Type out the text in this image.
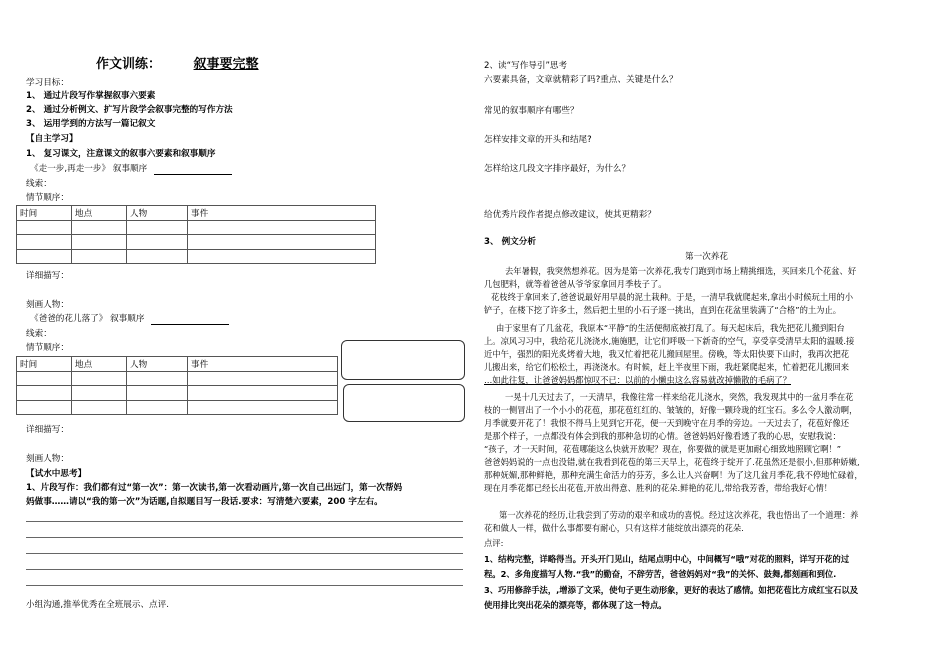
作文训练：	叙事要完整
学习目标：
1、 通过片段写作掌握叙事六要素
2、 通过分析例文、扩写片段学会叙事完整的写作方法
3、 运用学到的方法写一篇记叙文
【自主学习】
1、 复习课文，注意课文的叙事六要素和叙事顺序
《走一步,再走一步》 叙事顺序
线索：
情节顺序：
时间	地点	人物	事件

详细描写：
刻画人物：
《爸爸的花儿落了》 叙事顺序
线索：
情节顺序：
时间	地点	人物	事件

详细描写：
刻画人物：
【试水中思考】
1、片段写作：我们都有过“第一次”：第一次读书,第一次看动画片,第一次自己出远门，第一次帮妈
妈做事……请以“我的第一次”为话题,自拟题目写一段话.要求：写清楚六要素，200 字左右。
小组沟通,推举优秀在全班展示、点评.
2、读“写作导引”思考
六要素具备，文章就精彩了吗?重点、关键是什么？
常见的叙事顺序有哪些？
怎样安排文章的开头和结尾?
怎样给这几段文字排序最好，为什么？
给优秀片段作者提点修改建议，使其更精彩？
3、 例文分析
第一次养花
去年暑假，我突然想养花。因为是第一次养花,我专门跑到市场上精挑细选，买回来几个花盆、好
几包肥料，就等着爸爸从爷爷家拿回月季枝子了。
花枝终于拿回来了,爸爸说最好用早晨的泥土栽种。于是，一清早我就爬起来,拿出小时候玩土用的小
铲子，在楼下挖了许多土，然后把土里的小石子逐一挑出，直到在花盆里装满了“合格”的土为止。
由于家里有了几盆花，我原本“平静”的生活便彻底被打乱了。每天起床后，我先把花儿搬到阳台
上。凉风习习中，我给花儿浇浇水,施施肥，让它们呼吸一下新奇的空气，享受享受清早太阳的温暖.接
近中午，强烈的阳光炙烤着大地，我又忙着把花儿搬回屋里。傍晚，等太阳快要下山时，我再次把花
儿搬出来，给它们松松土，再浇浇水。有时候，赶上半夜里下雨，我赶紧爬起来，忙着把花儿搬回来
…如此往复，让爸爸妈妈都惊叹不已：以前的小懒虫这么容易就改掉懒散的毛病了？
一晃十几天过去了，一天清早，我像往常一样来给花儿浇水，突然，我发现其中的一盆月季在花
枝的一侧冒出了一个小小的花苞，那花苞红红的、皱皱的，好像一颗玲珑的红宝石。多么令人激动啊，
月季就要开花了！我恨不得马上见到它开花，便一天到晚守在月季的旁边。一天过去了，花苞好像还
是那个样子，一点都没有体会到我的那种急切的心情。爸爸妈妈好像看透了我的心思，安慰我说：
“孩子，才一天时间，花苞哪能这么快就开放呢？现在，你要做的就是更加耐心细致地照顾它啊！”
爸爸妈妈说的一点也没错,就在我看到花苞的第三天早上，花苞终于绽开了.花虽然还是很小,但那种娇嫩,
那种妩媚,那种鲜艳，那种充满生命活力的芬芳，多么让人兴奋啊！为了这几盆月季花,我不停地忙碌着，
现在月季花都已经长出花苞,开放出得意、胜利的花朵.鲜艳的花儿,带给我芳香，带给我好心情！
第一次养花的经历,让我尝到了劳动的艰辛和成功的喜悦。经过这次养花，我也悟出了一个道理：养
花和做人一样，做什么事都要有耐心，只有这样才能绽放出漂亮的花朵.
点评:
1、结构完整，详略得当。开头开门见山，结尾点明中心，中间概写“哦”对花的照料，详写开花的过
程。2、多角度描写人物.“我”的勤奋，不辞劳苦，爸爸妈妈对“我”的关怀、鼓舞,都刻画和到位.
3、巧用修辞手法，,增添了文采，使句子更生动形象，更好的表达了感情。如把花苞比方成红宝石以及
使用排比突出花朵的漂亮等，都体现了这一特点。
